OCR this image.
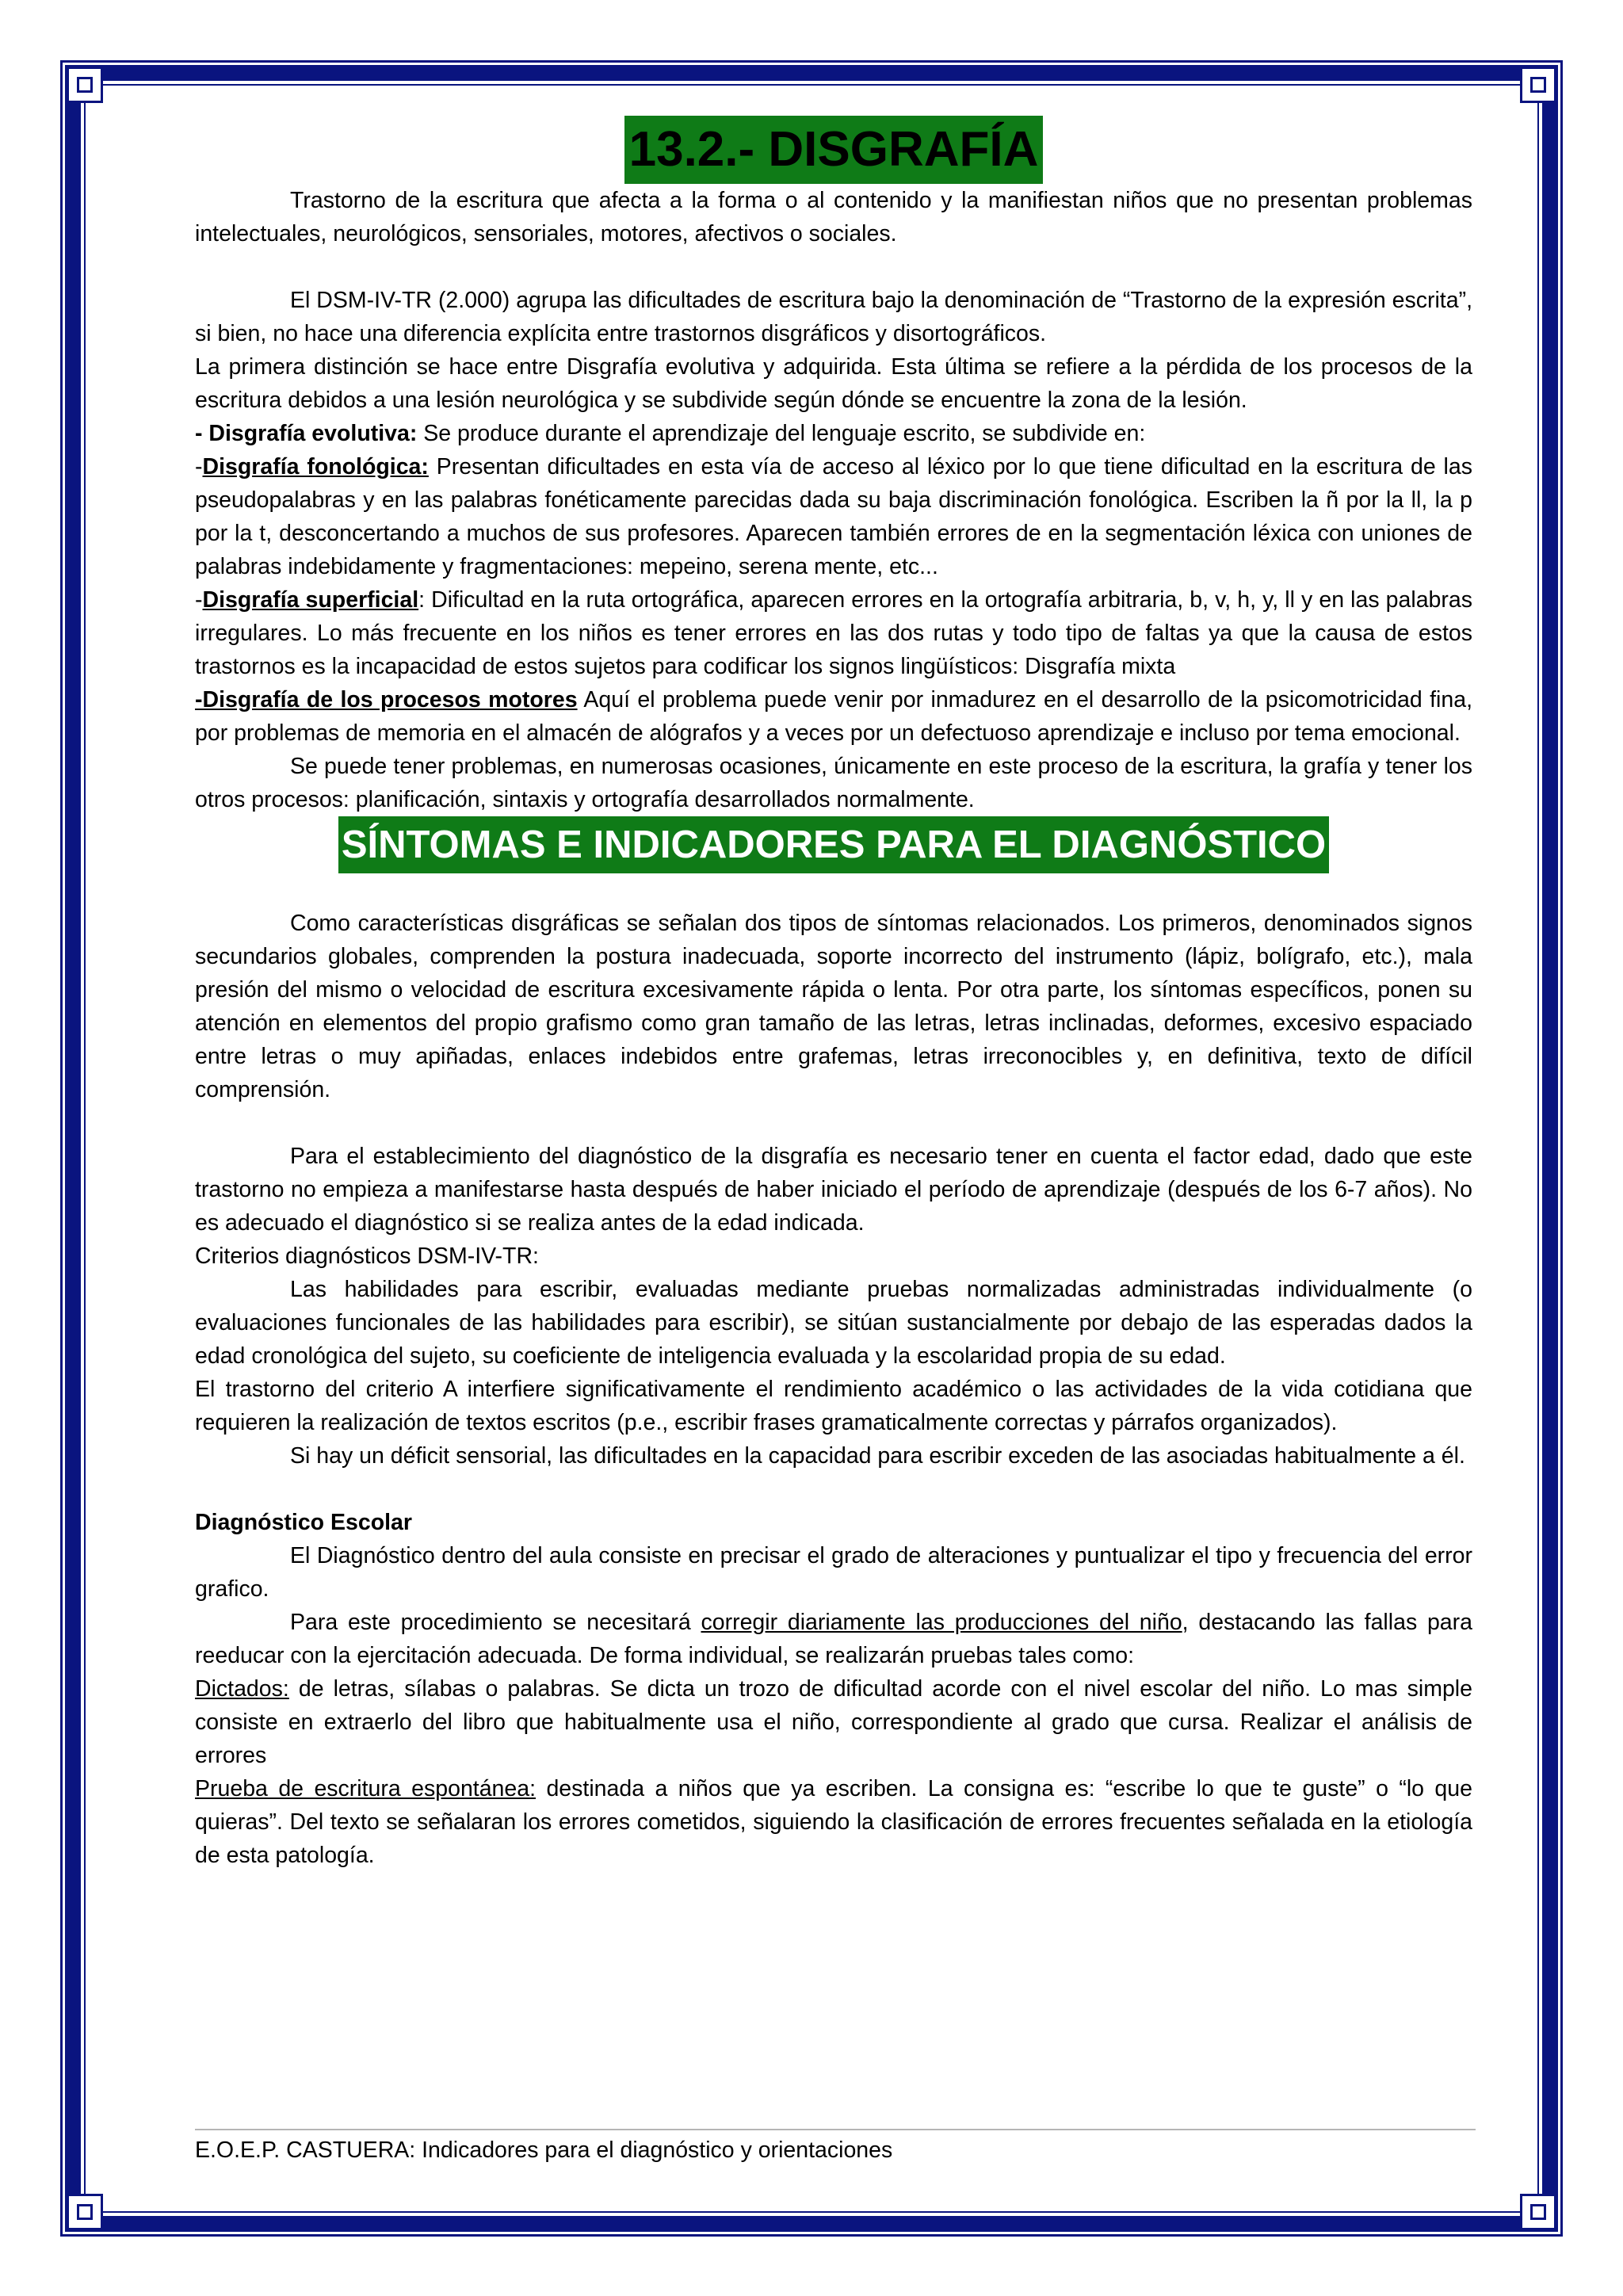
13.2.- DISGRAFÍA

Trastorno de la escritura que afecta a la forma o al contenido y la manifiestan niños que no presentan problemas intelectuales, neurológicos, sensoriales, motores, afectivos o sociales.

El DSM-IV-TR (2.000) agrupa las dificultades de escritura bajo la denominación de “Trastorno de la expresión escrita”, si bien, no hace una diferencia explícita entre trastornos disgráficos y disortográficos.

La primera distinción se hace entre Disgrafía evolutiva y adquirida. Esta última se refiere a la pérdida de los procesos de la escritura debidos a una lesión neurológica y se subdivide según dónde se encuentre la zona de la lesión.

- Disgrafía evolutiva: Se produce durante el aprendizaje del lenguaje escrito, se subdivide en:

-Disgrafía fonológica: Presentan dificultades en esta vía de acceso al léxico por lo que tiene dificultad en la escritura de las pseudopalabras y en las palabras fonéticamente parecidas dada su baja discriminación fonológica. Escriben la ñ por la ll, la p por la t, desconcertando a muchos de sus profesores. Aparecen también errores de en la segmentación léxica con uniones de palabras indebidamente y fragmentaciones: mepeino, serena mente, etc...

-Disgrafía superficial: Dificultad en la ruta ortográfica, aparecen errores en la ortografía arbitraria, b, v, h, y, ll y en las palabras irregulares. Lo más frecuente en los niños es tener errores en las dos rutas y todo tipo de faltas ya que la causa de estos trastornos es la incapacidad de estos sujetos para codificar los signos lingüísticos: Disgrafía mixta

-Disgrafía de los procesos motores Aquí el problema puede venir por inmadurez en el desarrollo de la psicomotricidad fina, por problemas de memoria en el almacén de alógrafos y a veces por un defectuoso aprendizaje e incluso por tema emocional.

Se puede tener problemas, en numerosas ocasiones, únicamente en este proceso de la escritura, la grafía y tener los otros procesos: planificación, sintaxis y ortografía desarrollados normalmente.

SÍNTOMAS E INDICADORES PARA EL DIAGNÓSTICO

Como características disgráficas se señalan dos tipos de síntomas relacionados. Los primeros, denominados signos secundarios globales, comprenden la postura inadecuada, soporte incorrecto del instrumento (lápiz, bolígrafo, etc.), mala presión del mismo o velocidad de escritura excesivamente rápida o lenta. Por otra parte, los síntomas específicos, ponen su atención en elementos del propio grafismo como gran tamaño de las letras, letras inclinadas, deformes, excesivo espaciado entre letras o muy apiñadas, enlaces indebidos entre grafemas, letras irreconocibles y, en definitiva, texto de difícil comprensión.

Para el establecimiento del diagnóstico de la disgrafía es necesario tener en cuenta el factor edad, dado que este trastorno no empieza a manifestarse hasta después de haber iniciado el período de aprendizaje (después de los 6-7 años). No es adecuado el diagnóstico si se realiza antes de la edad indicada.

Criterios diagnósticos DSM-IV-TR:

Las habilidades para escribir, evaluadas mediante pruebas normalizadas administradas individualmente (o evaluaciones funcionales de las habilidades para escribir), se sitúan sustancialmente por debajo de las esperadas dados la edad cronológica del sujeto, su coeficiente de inteligencia evaluada y la escolaridad propia de su edad.

El trastorno del criterio A interfiere significativamente el rendimiento académico o las actividades de la vida cotidiana que requieren la realización de textos escritos (p.e., escribir frases gramaticalmente correctas y párrafos organizados).

Si hay un déficit sensorial, las dificultades en la capacidad para escribir exceden de las asociadas habitualmente a él.

Diagnóstico Escolar

El Diagnóstico dentro del aula consiste en precisar el grado de alteraciones y puntualizar el tipo y frecuencia del error grafico.

Para este procedimiento se necesitará corregir diariamente las producciones del niño, destacando las fallas para reeducar con la ejercitación adecuada. De forma individual, se realizarán pruebas tales como:

Dictados: de letras, sílabas o palabras. Se dicta un trozo de dificultad acorde con el nivel escolar del niño. Lo mas simple consiste en extraerlo del libro que habitualmente usa el niño, correspondiente al grado que cursa. Realizar el análisis de errores

Prueba de escritura espontánea: destinada a niños que ya escriben. La consigna es: “escribe lo que te guste” o “lo que quieras”. Del texto se señalaran los errores cometidos, siguiendo la clasificación de errores frecuentes señalada en la etiología de esta patología.

E.O.E.P. CASTUERA: Indicadores para el diagnóstico y orientaciones
